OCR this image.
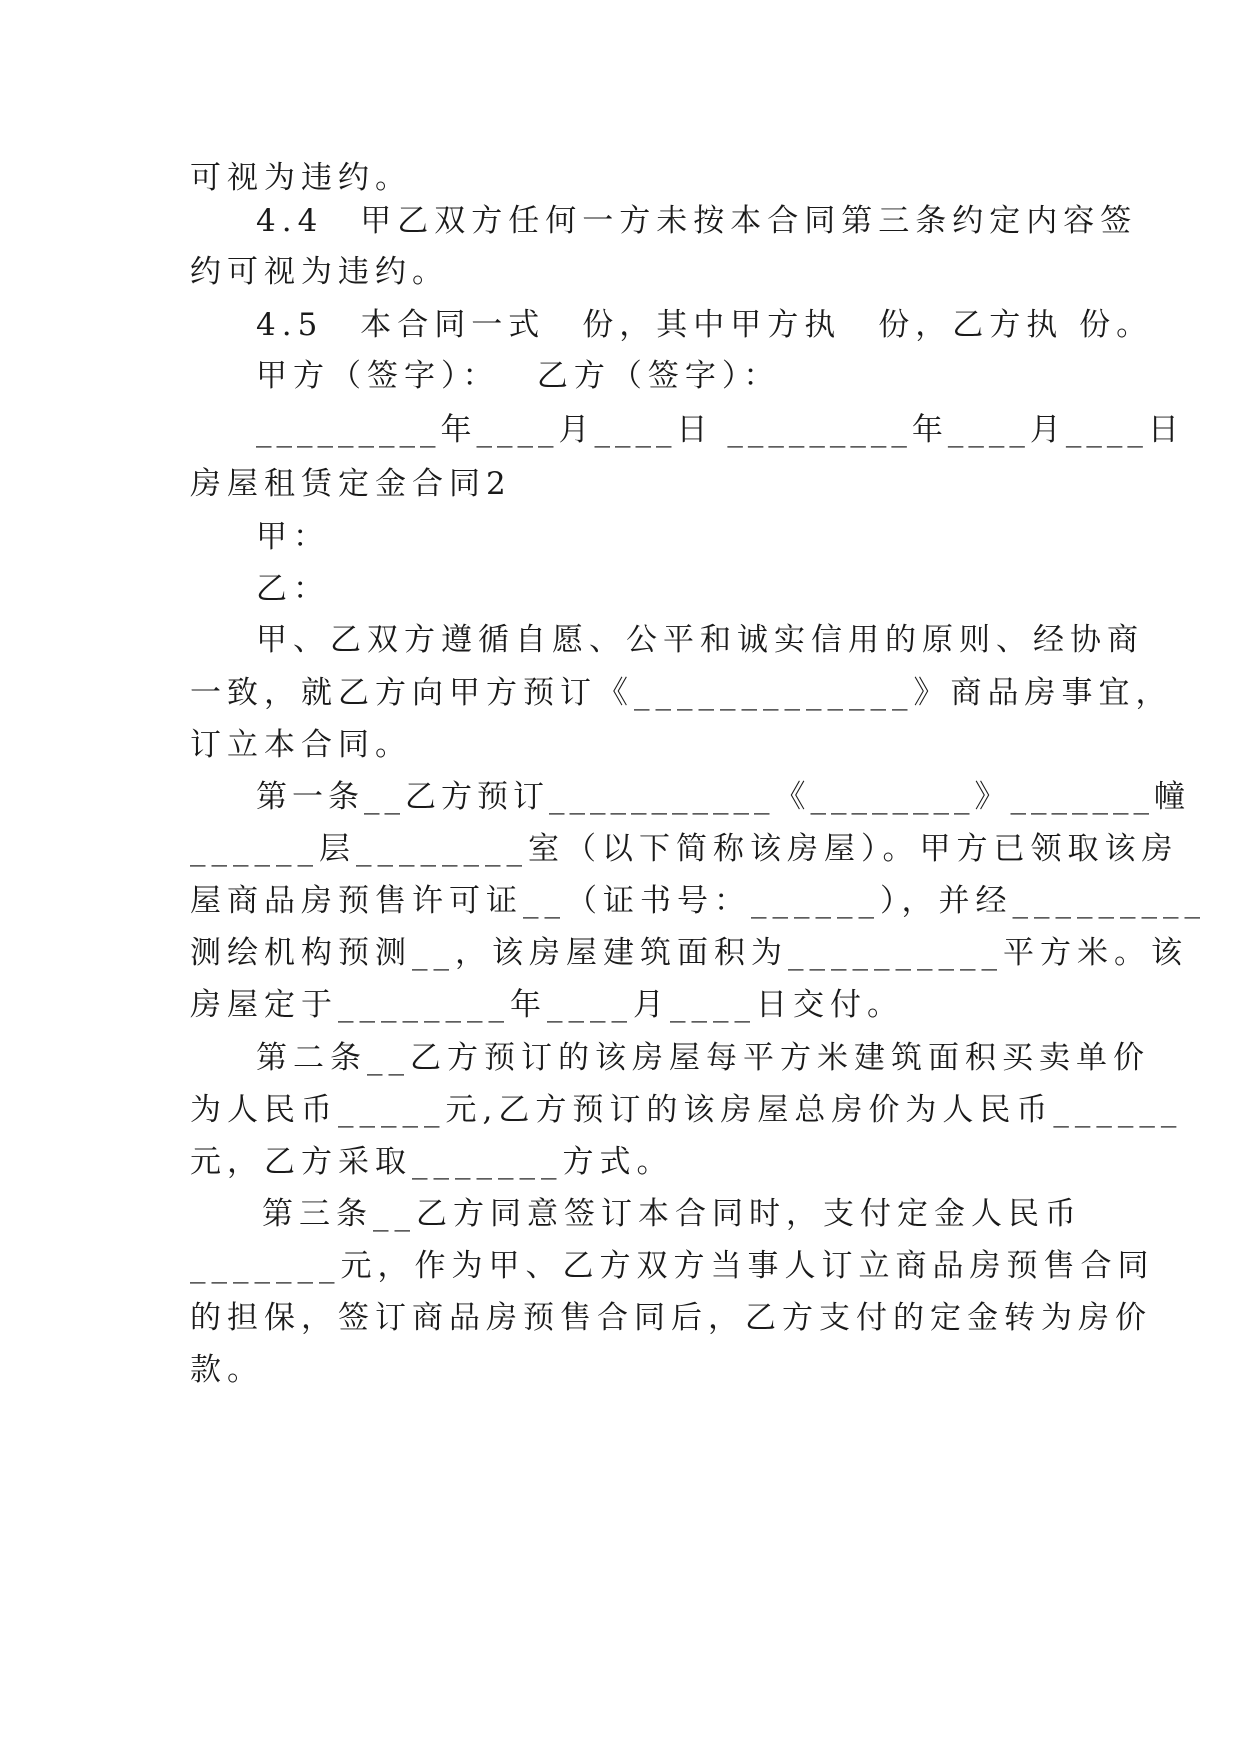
可视为违约。
4.4　甲乙双方任何一方未按本合同第三条约定内容签
约可视为违约。
4.5　本合同一式　份，其中甲方执　份，乙方执 份。
甲方（签字）：　 乙方（签字）：
_________年____月____日 _________年____月____日
房屋租赁定金合同2
甲：
乙：
甲、乙双方遵循自愿、公平和诚实信用的原则、经协商
一致，就乙方向甲方预订《_____________》商品房事宜，
订立本合同。
第一条__乙方预订___________《________》_______幢
______层________室（以下简称该房屋）。甲方已领取该房
屋商品房预售许可证__（证书号：______），并经_________
测绘机构预测__，该房屋建筑面积为__________平方米。该
房屋定于________年____月____日交付。
第二条__乙方预订的该房屋每平方米建筑面积买卖单价
为人民币_____元,乙方预订的该房屋总房价为人民币______
元，乙方采取_______方式。
第三条__乙方同意签订本合同时，支付定金人民币
_______元，作为甲、乙方双方当事人订立商品房预售合同
的担保，签订商品房预售合同后，乙方支付的定金转为房价
款。
